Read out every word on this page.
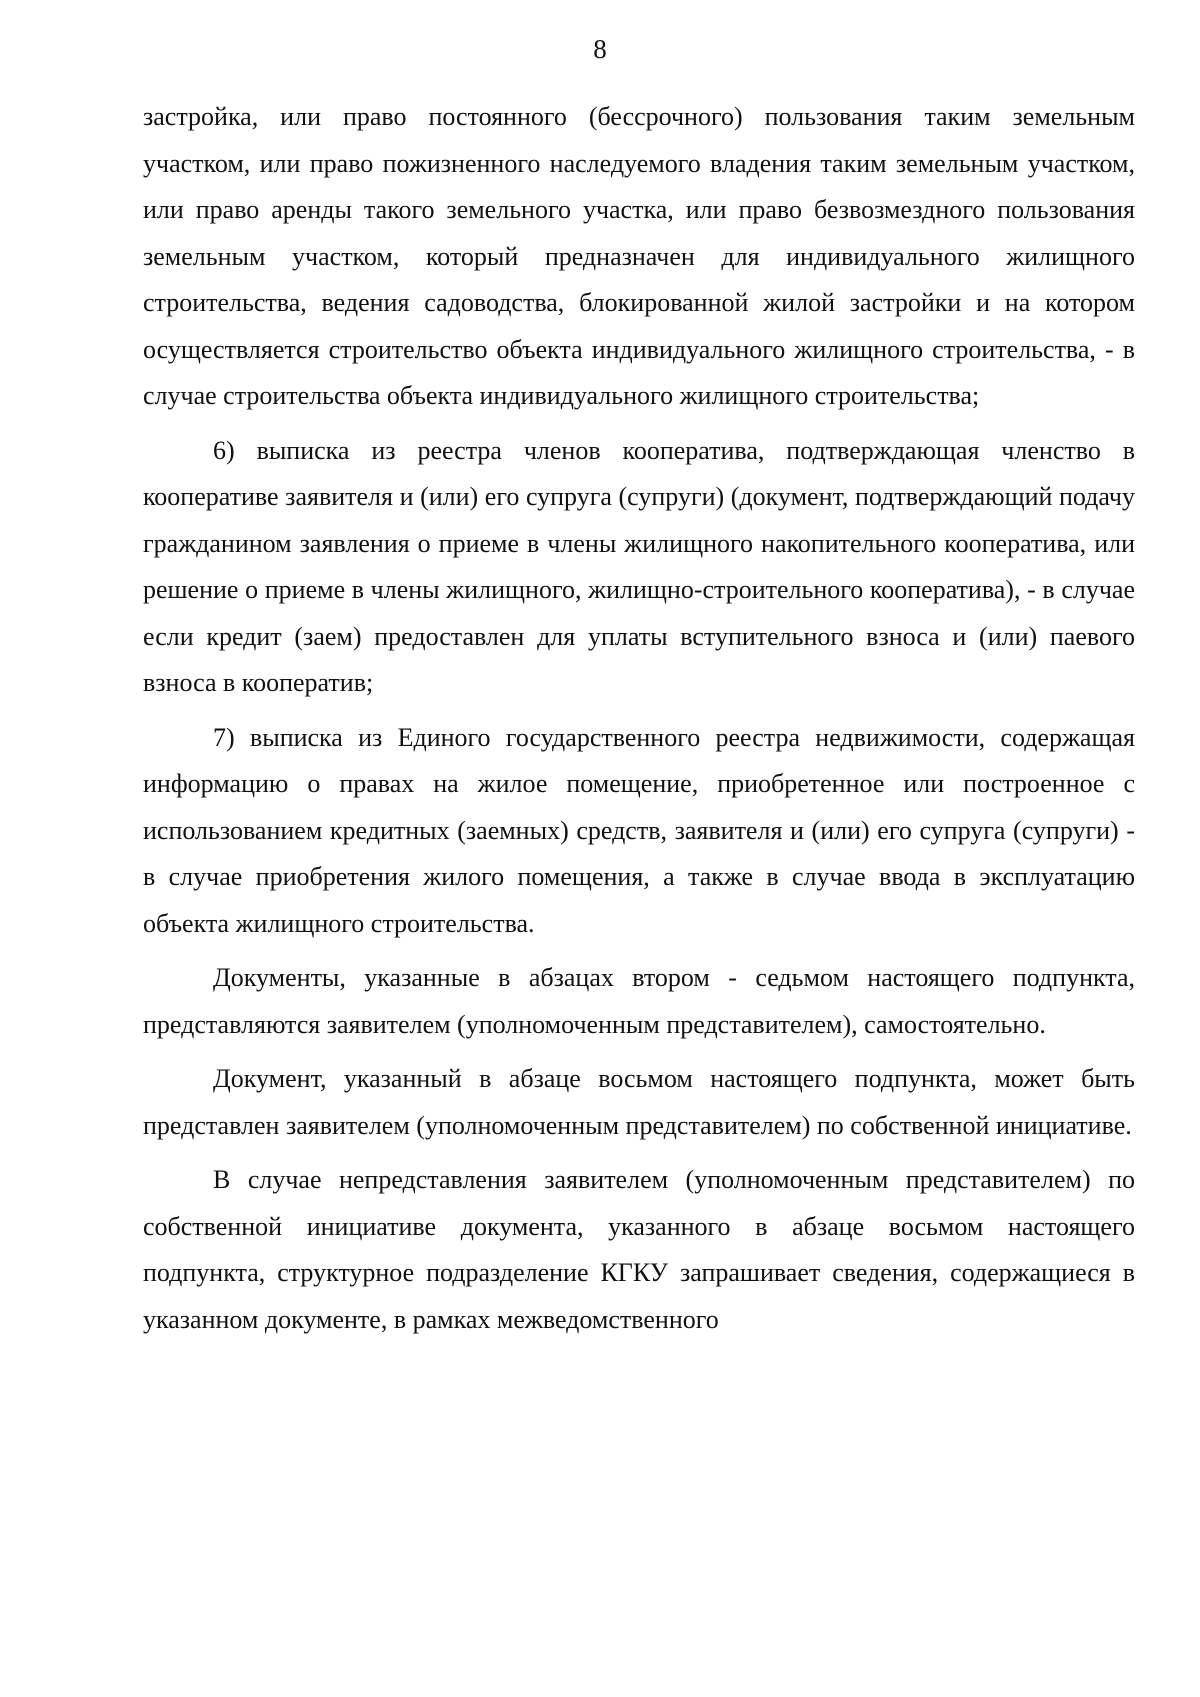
8

застройка, или право постоянного (бессрочного) пользования таким земельным участком, или право пожизненного наследуемого владения таким земельным участком, или право аренды такого земельного участка, или право безвозмездного пользования земельным участком, который предназначен для индивидуального жилищного строительства, ведения садоводства, блокированной жилой застройки и на котором осуществляется строительство объекта индивидуального жилищного строительства, - в случае строительства объекта индивидуального жилищного строительства;

6) выписка из реестра членов кооператива, подтверждающая членство в кооперативе заявителя и (или) его супруга (супруги) (документ, подтверждающий подачу гражданином заявления о приеме в члены жилищного накопительного кооператива, или решение о приеме в члены жилищного, жилищно-строительного кооператива), - в случае если кредит (заем) предоставлен для уплаты вступительного взноса и (или) паевого взноса в кооператив;

7) выписка из Единого государственного реестра недвижимости, содержащая информацию о правах на жилое помещение, приобретенное или построенное с использованием кредитных (заемных) средств, заявителя и (или) его супруга (супруги) - в случае приобретения жилого помещения, а также в случае ввода в эксплуатацию объекта жилищного строительства.

Документы, указанные в абзацах втором - седьмом настоящего подпункта, представляются заявителем (уполномоченным представителем), самостоятельно.

Документ, указанный в абзаце восьмом настоящего подпункта, может быть представлен заявителем (уполномоченным представителем) по собственной инициативе.

В случае непредставления заявителем (уполномоченным представителем) по собственной инициативе документа, указанного в абзаце восьмом настоящего подпункта, структурное подразделение КГКУ запрашивает сведения, содержащиеся в указанном документе, в рамках межведомственного
